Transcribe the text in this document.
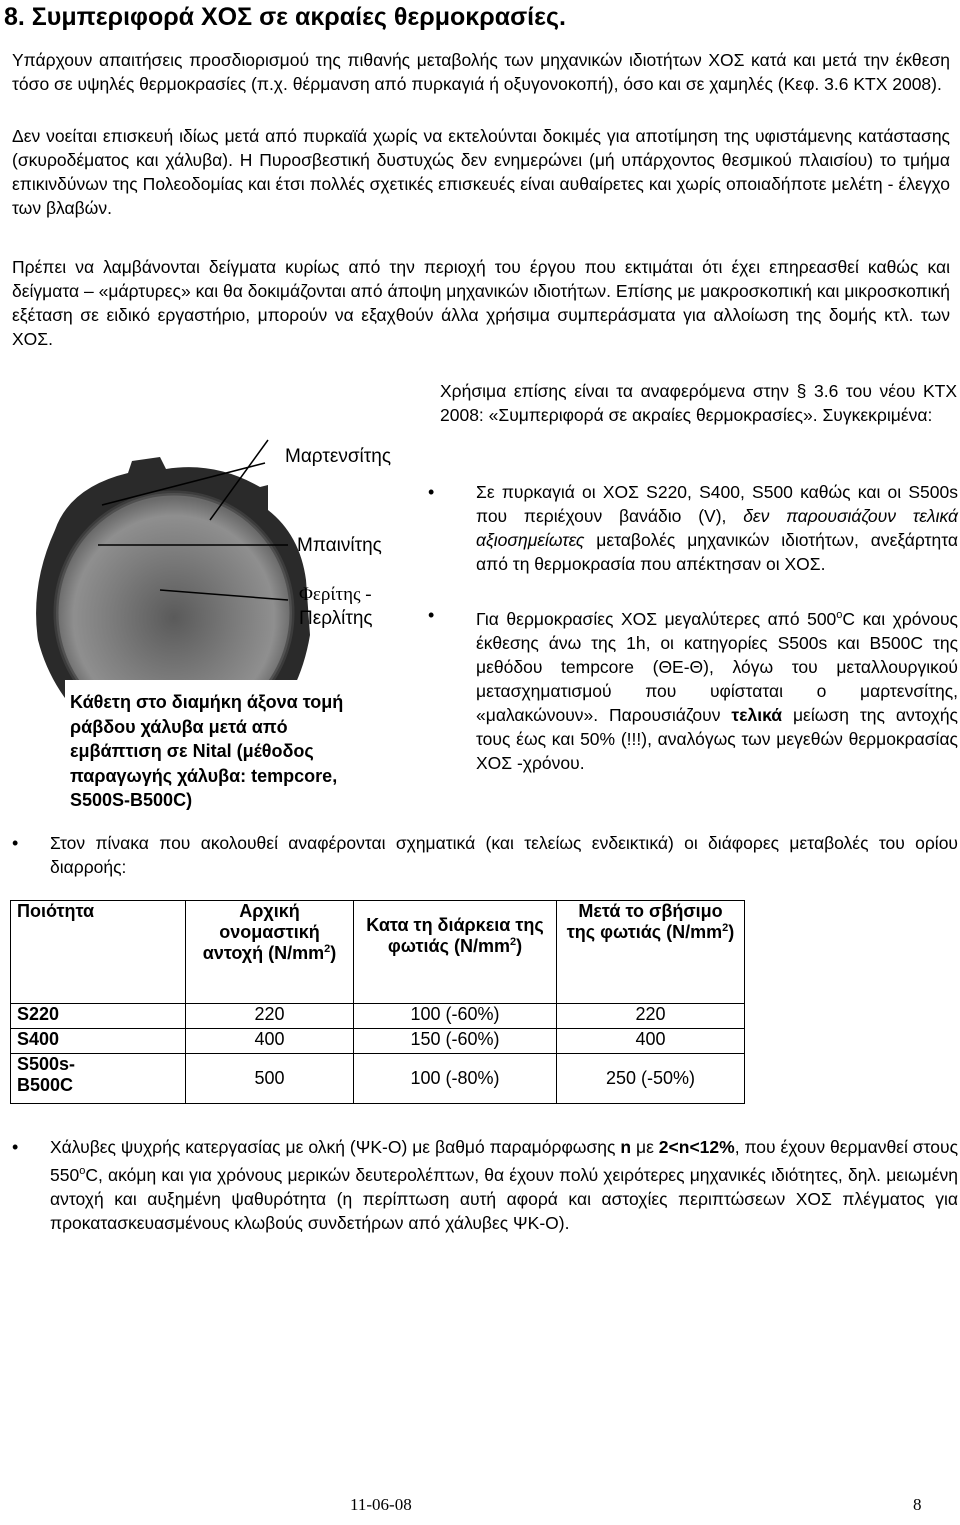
8. Συμπεριφορά ΧΟΣ σε ακραίες θερμοκρασίες.

Υπάρχουν απαιτήσεις προσδιορισμού της πιθανής μεταβολής των μηχανικών ιδιοτήτων ΧΟΣ κατά και μετά την έκθεση τόσο σε υψηλές θερμοκρασίες (π.χ. θέρμανση από πυρκαγιά ή οξυγονοκοπή), όσο και σε χαμηλές (Κεφ. 3.6 ΚΤΧ 2008).

Δεν νοείται επισκευή ιδίως μετά από πυρκαϊά χωρίς να εκτελούνται δοκιμές για αποτίμηση της υφιστάμενης κατάστασης (σκυροδέματος και χάλυβα). Η Πυροσβεστική δυστυχώς δεν ενημερώνει (μή υπάρχοντος θεσμικού πλαισίου) το τμήμα επικινδύνων της Πολεοδομίας και έτσι πολλές σχετικές επισκευές είναι αυθαίρετες και χωρίς οποιαδήποτε μελέτη - έλεγχο των βλαβών.

Πρέπει να λαμβάνονται δείγματα κυρίως από την περιοχή του έργου που εκτιμάται ότι έχει επηρεασθεί καθώς και δείγματα – «μάρτυρες» και θα δοκιμάζονται από άποψη μηχανικών ιδιοτήτων. Επίσης με μακροσκοπική και μικροσκοπική εξέταση σε ειδικό εργαστήριο, μπορούν να εξαχθούν άλλα χρήσιμα συμπεράσματα για αλλοίωση της δομής κτλ. των ΧΟΣ.

Μαρτενσίτης
Μπαινίτης
Φερίτης -
Περλίτης
Κάθετη στο διαμήκη άξονα τομή ράβδου χάλυβα μετά από εμβάπτιση σε Nital (μέθοδος παραγωγής χάλυβα: tempcore, S500S-B500C)

Χρήσιμα επίσης είναι τα αναφερόμενα στην § 3.6 του νέου ΚΤΧ 2008: «Συμπεριφορά σε ακραίες θερμοκρασίες». Συγκεκριμένα:

• Σε πυρκαγιά οι ΧΟΣ S220, S400, S500 καθώς και οι S500s που περιέχουν βανάδιο (V), δεν παρουσιάζουν τελικά αξιοσημείωτες μεταβολές μηχανικών ιδιοτήτων, ανεξάρτητα από τη θερμοκρασία που απέκτησαν οι ΧΟΣ.

• Για θερμοκρασίες ΧΟΣ μεγαλύτερες από 500$^o$C και χρόνους έκθεσης άνω της 1h, οι κατηγορίες S500s και B500C της μεθόδου tempcore (ΘΕ-Θ), λόγω του μεταλλουργικού μετασχηματισμού που υφίσταται ο μαρτενσίτης, «μαλακώνουν». Παρουσιάζουν τελικά μείωση της αντοχής τους έως και 50% (!!!), αναλόγως των μεγεθών θερμοκρασίας ΧΟΣ -χρόνου.

• Στον πίνακα που ακολουθεί αναφέρονται σχηματικά (και τελείως ενδεικτικά) οι διάφορες μεταβολές του ορίου διαρροής:

Ποιότητα	Αρχική ονομαστική αντοχή $(N/mm^2)$	Κατα τη διάρκεια της φωτιάς $(N/mm^2)$	Μετά το σβήσιμο της φωτιάς $(N/mm^2)$
S220	220	100 (-60%)	220
S400	400	150 (-60%)	400

S500s-B500C	500	100 (-80%)	250 (-50%)
• Χάλυβες ψυχρής κατεργασίας με ολκή (ΨΚ-Ο) με βαθμό παραμόρφωσης n με 2<n<12%, που έχουν θερμανθεί στους 550$^o$C, ακόμη και για χρόνους μερικών δευτερολέπτων, θα έχουν πολύ χειρότερες μηχανικές ιδιότητες, δηλ. μειωμένη αντοχή και αυξημένη ψαθυρότητα (η περίπτωση αυτή αφορά και αστοχίες περιπτώσεων ΧΟΣ πλέγματος για προκατασκευασμένους κλωβούς συνδετήρων από χάλυβες ΨΚ-Ο).

11-06-08	8
